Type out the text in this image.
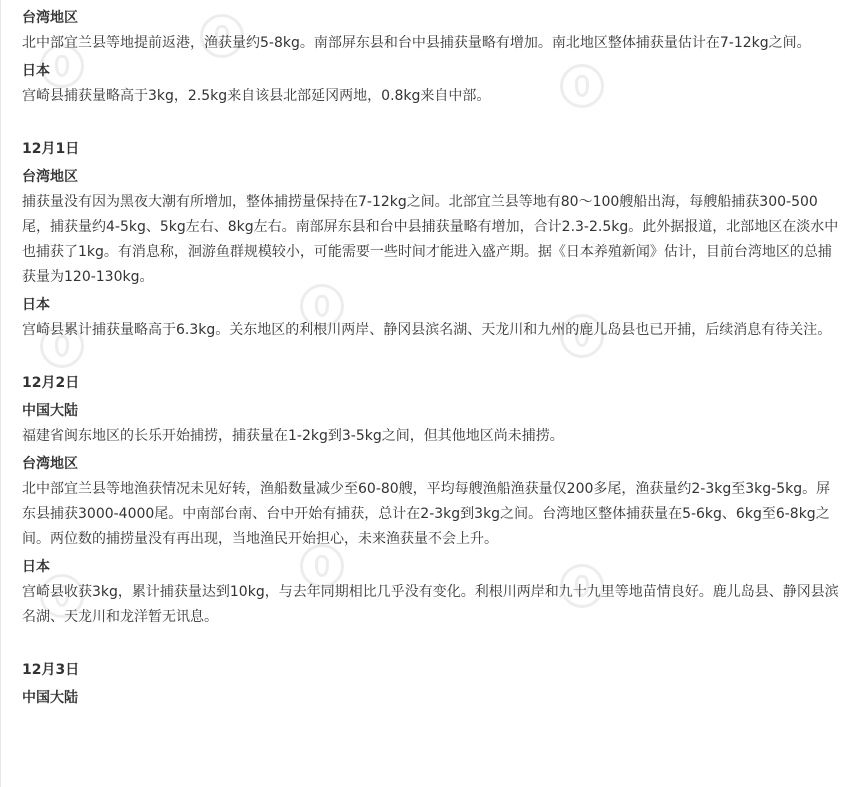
台湾地区

北中部宜兰县等地提前返港，渔获量约5-8kg。南部屏东县和台中县捕获量略有增加。南北地区整体捕获量估计在7-12kg之间。

日本

宫崎县捕获量略高于3kg，2.5kg来自该县北部延冈两地，0.8kg来自中部。

12月1日
台湾地区

捕获量没有因为黑夜大潮有所增加，整体捕捞量保持在7-12kg之间。北部宜兰县等地有80～100艘船出海，每艘船捕获300-500尾，捕获量约4-5kg、5kg左右、8kg左右。南部屏东县和台中县捕获量略有增加，合计2.3-2.5kg。此外据报道，北部地区在淡水中也捕获了1kg。有消息称，洄游鱼群规模较小，可能需要一些时间才能进入盛产期。据《日本养殖新闻》估计，目前台湾地区的总捕获量为120-130kg。

日本

宫崎县累计捕获量略高于6.3kg。关东地区的利根川两岸、静冈县滨名湖、天龙川和九州的鹿儿岛县也已开捕，后续消息有待关注。

12月2日
中国大陆

福建省闽东地区的长乐开始捕捞，捕获量在1-2kg到3-5kg之间，但其他地区尚未捕捞。

台湾地区

北中部宜兰县等地渔获情况未见好转，渔船数量减少至60-80艘，平均每艘渔船渔获量仅200多尾，渔获量约2-3kg至3kg-5kg。屏东县捕获3000-4000尾。中南部台南、台中开始有捕获，总计在2-3kg到3kg之间。台湾地区整体捕获量在5-6kg、6kg至6-8kg之间。两位数的捕捞量没有再出现，当地渔民开始担心，未来渔获量不会上升。

日本

宫崎县收获3kg，累计捕获量达到10kg，与去年同期相比几乎没有变化。利根川两岸和九十九里等地苗情良好。鹿儿岛县、静冈县滨名湖、天龙川和龙洋暂无讯息。

12月3日
中国大陆
